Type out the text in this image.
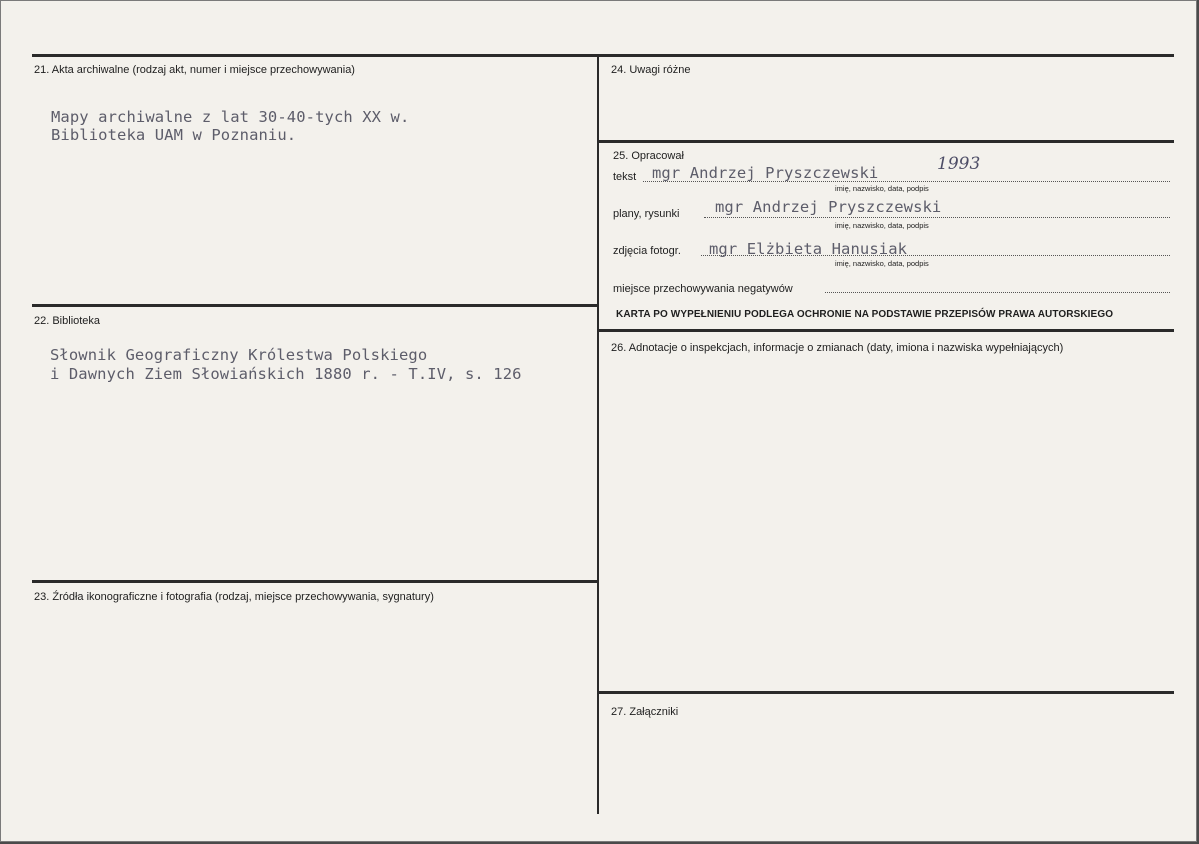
21. Akta archiwalne (rodzaj akt, numer i miejsce przechowywania)
Mapy archiwalne z lat 30-40-tych XX w.
Biblioteka UAM w Poznaniu.
22. Biblioteka
Słownik Geograficzny Królestwa Polskiego
i Dawnych Ziem Słowiańskich 1880 r. - T.IV, s. 126
23. Źródła ikonograficzne i fotografia (rodzaj, miejsce przechowywania, sygnatury)
24. Uwagi różne
25. Opracował
tekst mgr Andrzej Pryszczewski	1993
imię, nazwisko, data, podpis
plany, rysunki mgr Andrzej Pryszczewski
imię, nazwisko, data, podpis
zdjęcia fotogr. mgr Elżbieta Hanusiak
imię, nazwisko, data, podpis
miejsce przechowywania negatywów
KARTA PO WYPEŁNIENIU PODLEGA OCHRONIE NA PODSTAWIE PRZEPISÓW PRAWA AUTORSKIEGO
26. Adnotacje o inspekcjach, informacje o zmianach (daty, imiona i nazwiska wypełniających)
27. Załączniki
